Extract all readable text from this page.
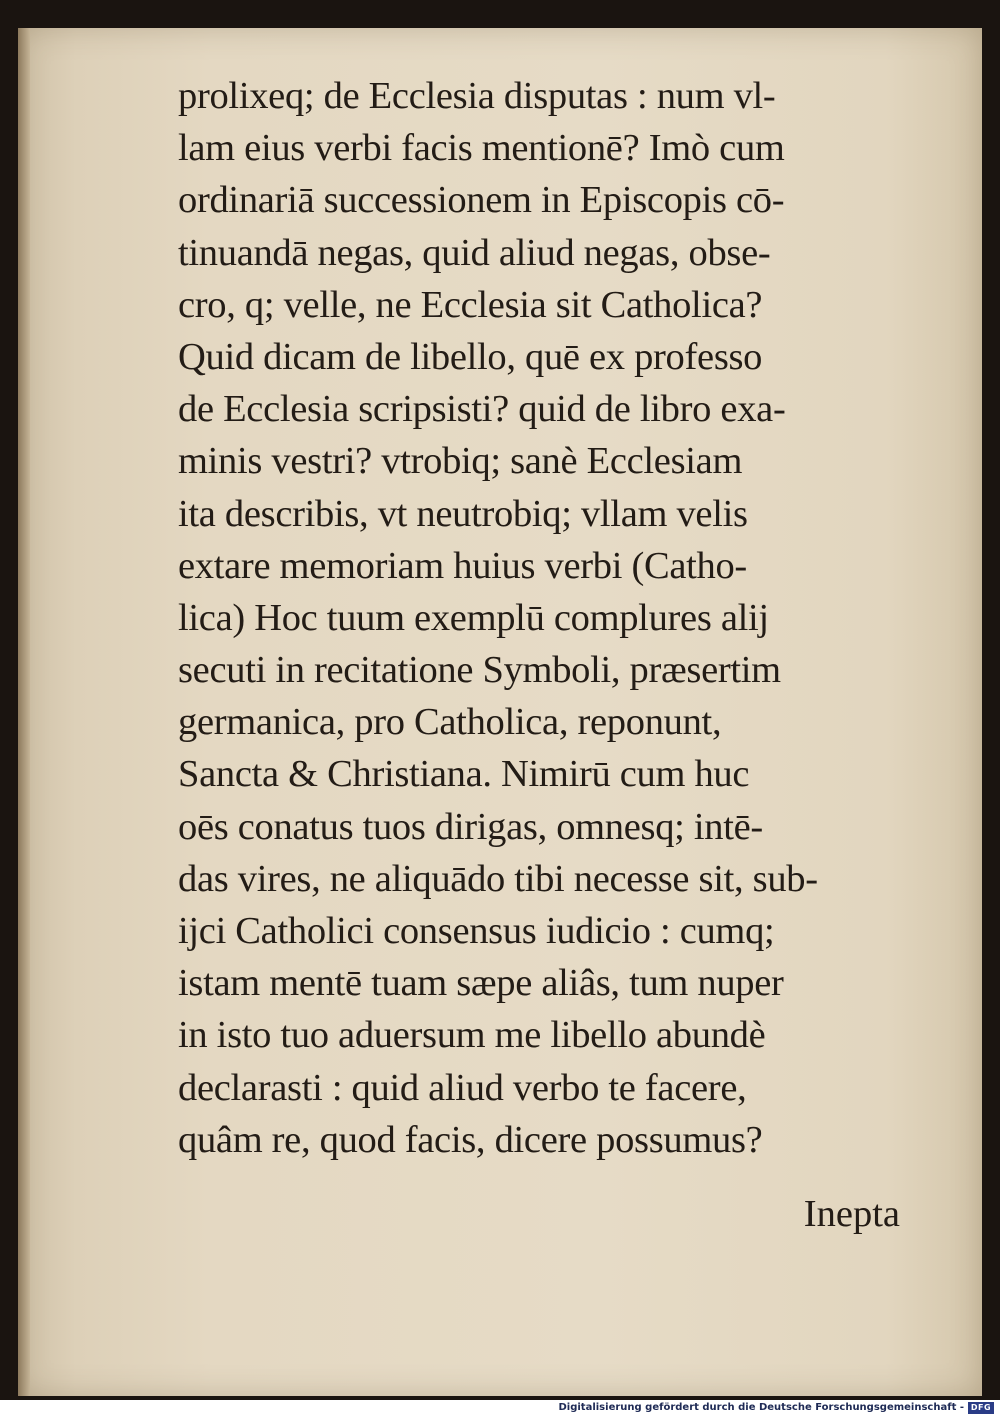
prolixeq; de Ecclesia disputas : num vl-
lam eius verbi facis mentionē? Imò cum
ordinariā successionem in Episcopis cō-
tinuandā negas, quid aliud negas, obse-
cro, q; velle, ne Ecclesia sit Catholica?
Quid dicam de libello, quē ex professo
de Ecclesia scripsisti? quid de libro exa-
minis vestri? vtrobiq; sanè Ecclesiam
ita describis, vt neutrobiq; vllam velis
extare memoriam huius verbi (Catho-
lica) Hoc tuum exemplū complures alij
secuti in recitatione Symboli, præsertim
germanica, pro Catholica, reponunt,
Sancta & Christiana. Nimirū cum huc
oēs conatus tuos dirigas, omnesq; intē-
das vires, ne aliquādo tibi necesse sit, sub-
ijci Catholici consensus iudicio : cumq;
istam mentē tuam sæpe aliâs, tum nuper
in isto tuo aduersum me libello abundè
declarasti : quid aliud verbo te facere,
quâm re, quod facis, dicere possumus?
Inepta
Digitalisierung gefördert durch die Deutsche Forschungsgemeinschaft - DFG
